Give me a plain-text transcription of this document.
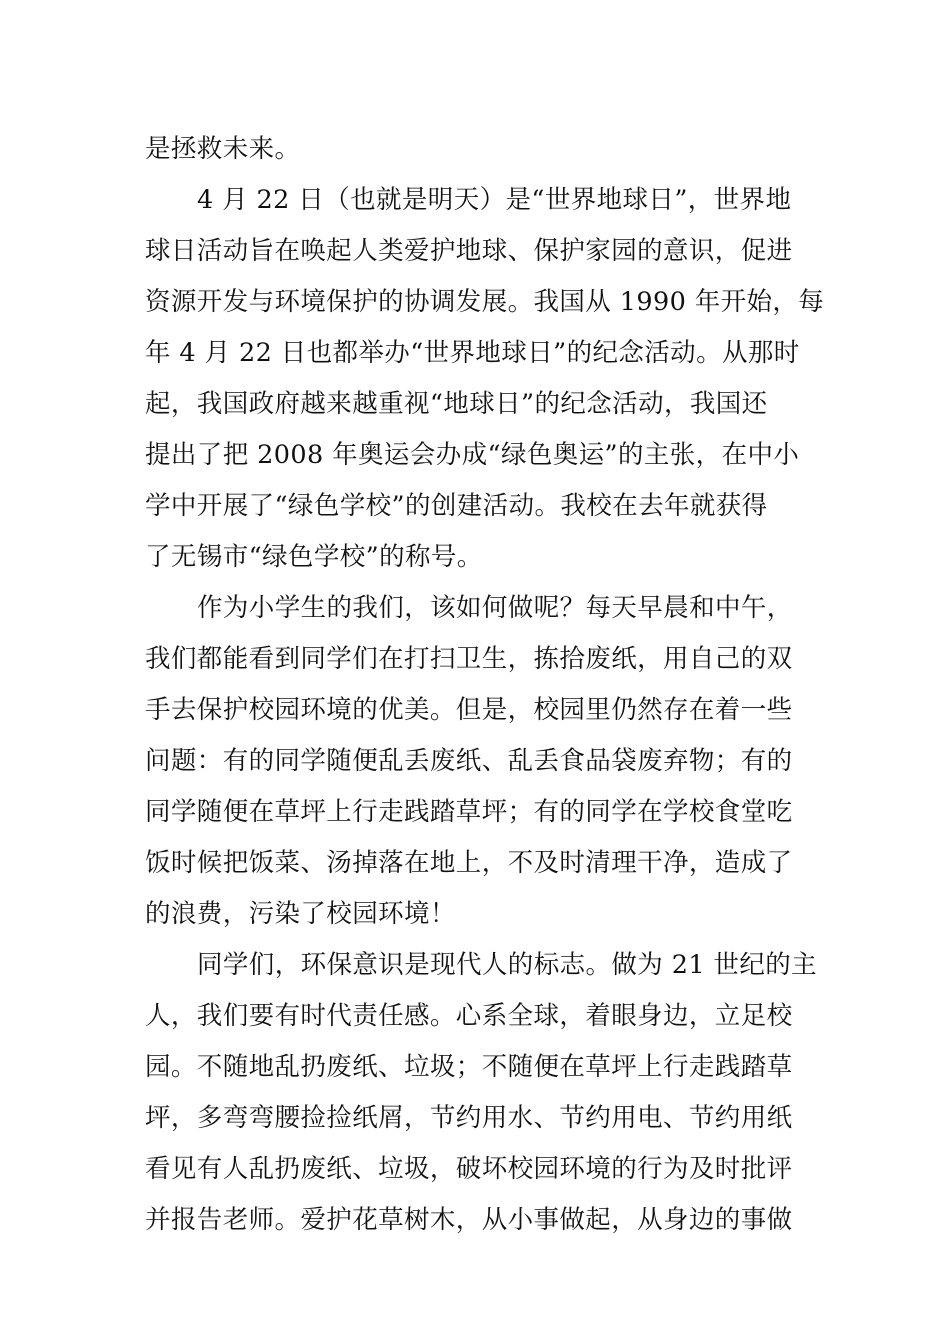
是拯救未来。
4 月 22 日（也就是明天）是“世界地球日”，世界地
球日活动旨在唤起人类爱护地球、保护家园的意识，促进
资源开发与环境保护的协调发展。我国从 1990 年开始，每
年 4 月 22 日也都举办“世界地球日”的纪念活动。从那时
起，我国政府越来越重视“地球日”的纪念活动，我国还
提出了把 2008 年奥运会办成“绿色奥运”的主张，在中小
学中开展了“绿色学校”的创建活动。我校在去年就获得
了无锡市“绿色学校”的称号。
作为小学生的我们，该如何做呢？每天早晨和中午，
我们都能看到同学们在打扫卫生，拣拾废纸，用自己的双
手去保护校园环境的优美。但是，校园里仍然存在着一些
问题：有的同学随便乱丢废纸、乱丢食品袋废弃物；有的
同学随便在草坪上行走践踏草坪；有的同学在学校食堂吃
饭时候把饭菜、汤掉落在地上，不及时清理干净，造成了
的浪费，污染了校园环境！
同学们，环保意识是现代人的标志。做为 21 世纪的主
人，我们要有时代责任感。心系全球，着眼身边，立足校
园。不随地乱扔废纸、垃圾；不随便在草坪上行走践踏草
坪，多弯弯腰捡捡纸屑，节约用水、节约用电、节约用纸
看见有人乱扔废纸、垃圾，破坏校园环境的行为及时批评
并报告老师。爱护花草树木，从小事做起，从身边的事做
